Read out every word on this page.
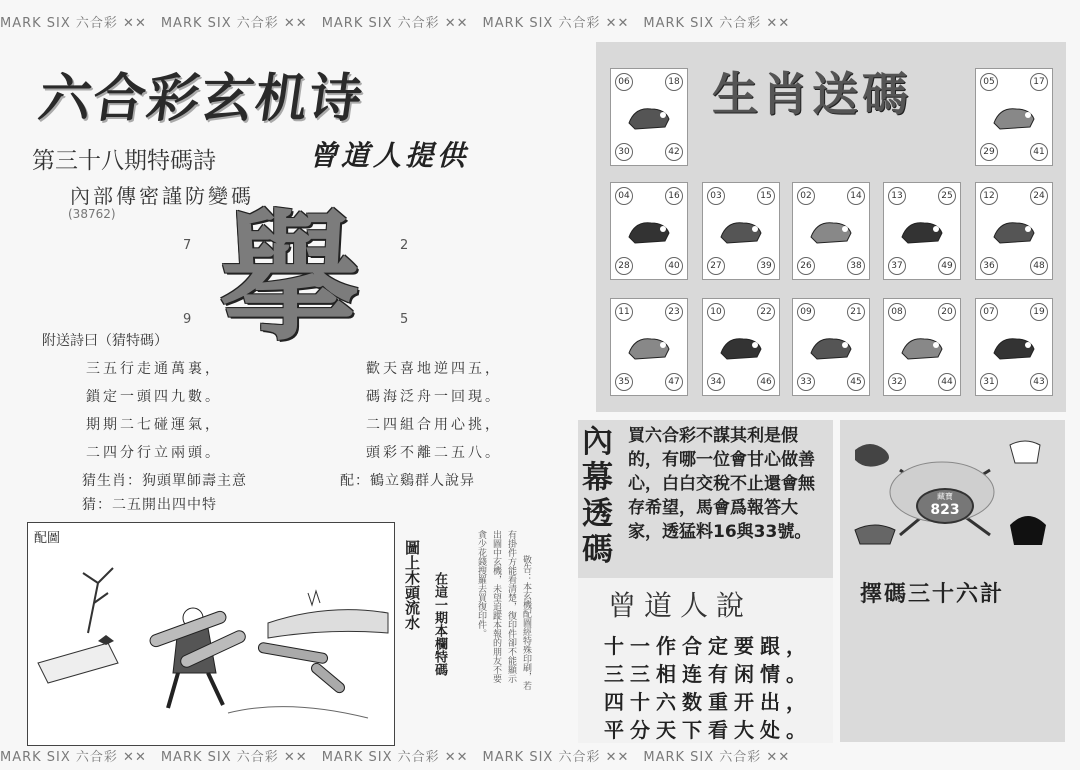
MARK SIX 六合彩 ✕✕ MARK SIX 六合彩 ✕✕ MARK SIX 六合彩 ✕✕ MARK SIX 六合彩 ✕✕ MARK SIX 六合彩 ✕✕
MARK SIX 六合彩 ✕✕ MARK SIX 六合彩 ✕✕ MARK SIX 六合彩 ✕✕ MARK SIX 六合彩 ✕✕ MARK SIX 六合彩 ✕✕
六合彩玄机诗
第三十八期特碼詩	曾道人提供
內部傳密謹防變碼
(38762)
7	2
9	5
擧
附送詩曰（猜特碼）
三五行走通萬裏，
鎖定一頭四九數。
期期二七碰運氣，
二四分行立兩頭。
歡天喜地逆四五，
碼海泛舟一回現。
二四組合用心挑，
頭彩不離二五八。
猜生肖：狗頭單師壽主意	配：鶴立鷄群人說异
猜：二五開出四中特
配圖
圖上木頭流水 在這一期本欄特碼	敬告：本玄機配圖經特殊印刷，若
有掛件方能看清楚，復印件卻不能顯示
出圖中玄機，未望追蹤本報的朋友不要
貪少花錢搜羅去買復印件。
生肖送碼
06	18
30	42
05	17
29	41
04	16
28	40
03	15
27	39
02	14
26	38
13	25
37	49
12	24
36	48
11	23
35	47
10	22
34	46
09	21
33	45
08	20
32	44
07	19
31	43
內幕透碼
買六合彩不謀其利是假的，有哪一位會甘心做善心，白白交稅不止還會無存希望，馬會爲報答大家，透猛料16與33號。
曾道人說
十一作合定要跟，
三三相连有闲情。
四十六数重开出，
平分天下看大处。
藏寶
823
擇碼三十六計
